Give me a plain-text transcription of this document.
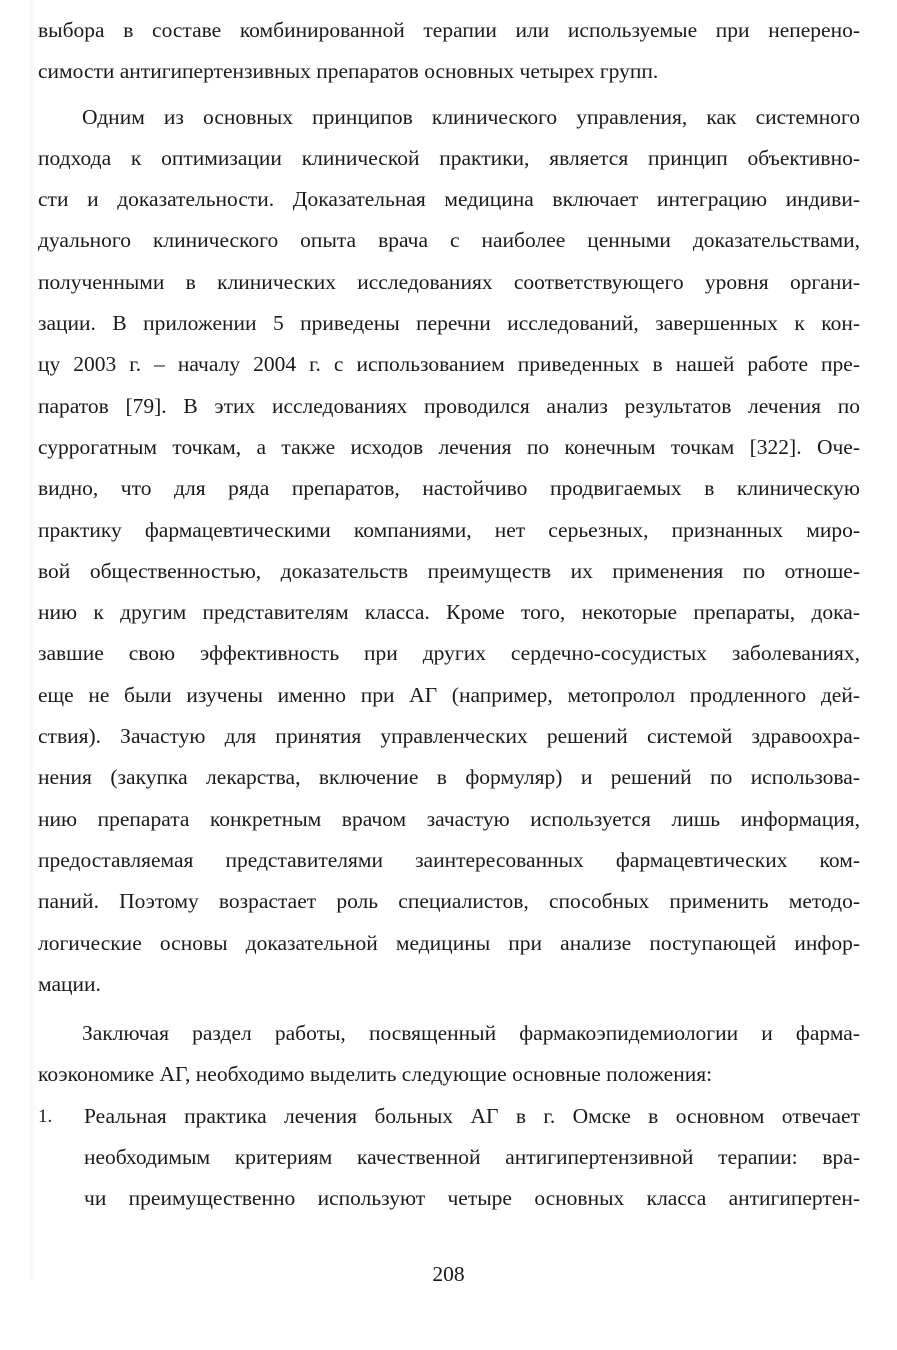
выбора в составе комбинированной терапии или используемые при неперено-
симости антигипертензивных препаратов основных четырех групп.
Одним из основных принципов клинического управления, как системного
подхода к оптимизации клинической практики, является принцип объективно-
сти и доказательности. Доказательная медицина включает интеграцию индиви-
дуального клинического опыта врача с наиболее ценными доказательствами,
полученными в клинических исследованиях соответствующего уровня органи-
зации. В приложении 5 приведены перечни исследований, завершенных к кон-
цу 2003 г. – началу 2004 г. с использованием приведенных в нашей работе пре-
паратов [79]. В этих исследованиях проводился анализ результатов лечения по
суррогатным точкам, а также исходов лечения по конечным точкам [322]. Оче-
видно, что для ряда препаратов, настойчиво продвигаемых в клиническую
практику фармацевтическими компаниями, нет серьезных, признанных миро-
вой общественностью, доказательств преимуществ их применения по отноше-
нию к другим представителям класса. Кроме того, некоторые препараты, дока-
завшие свою эффективность при других сердечно-сосудистых заболеваниях,
еще не были изучены именно при АГ (например, метопролол продленного дей-
ствия). Зачастую для принятия управленческих решений системой здравоохра-
нения (закупка лекарства, включение в формуляр) и решений по использова-
нию препарата конкретным врачом зачастую используется лишь информация,
предоставляемая представителями заинтересованных фармацевтических ком-
паний. Поэтому возрастает роль специалистов, способных применить методо-
логические основы доказательной медицины при анализе поступающей инфор-
мации.
Заключая раздел работы, посвященный фармакоэпидемиологии и фарма-
коэкономике АГ, необходимо выделить следующие основные положения:
1. Реальная практика лечения больных АГ в г. Омске в основном отвечает
необходимым критериям качественной антигипертензивной терапии: вра-
чи преимущественно используют четыре основных класса антигипертен-
208
